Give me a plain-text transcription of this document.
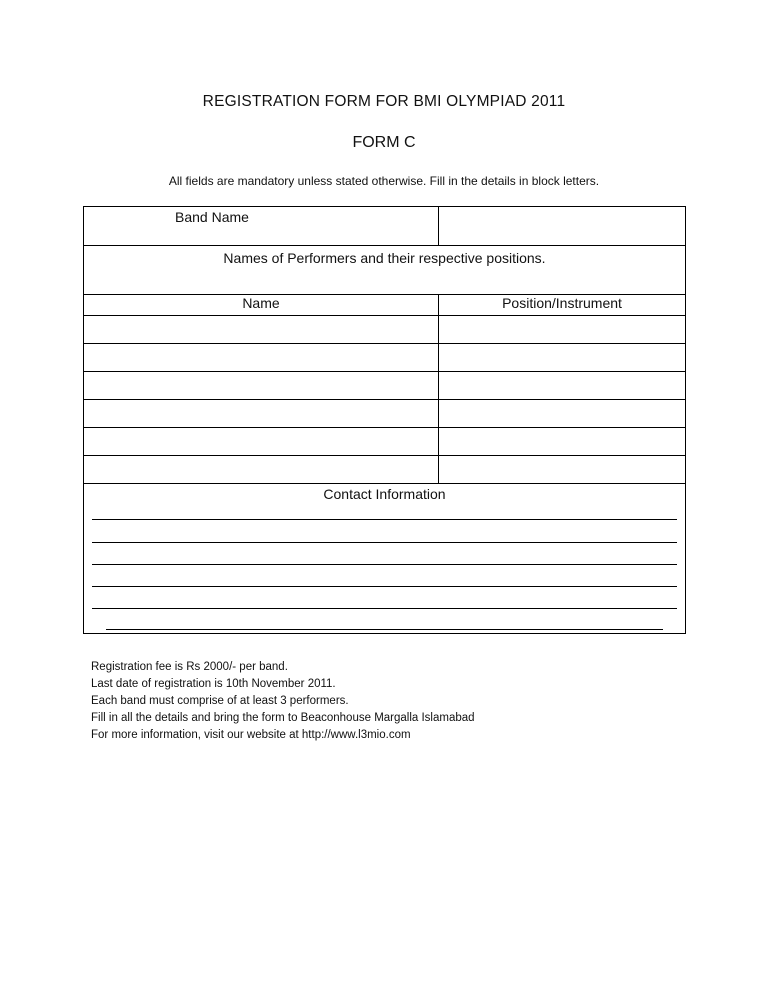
REGISTRATION FORM FOR BMI OLYMPIAD 2011
FORM C
All fields are mandatory unless stated otherwise. Fill in the details in block letters.
Band Name	
Names of Performers and their respective positions.	
Name	Position/Instrument

Contact Information	
Registration fee is Rs 2000/- per band.
Last date of registration is 10th November 2011.
Each band must comprise of at least 3 performers.
Fill in all the details and bring the form to Beaconhouse Margalla Islamabad
For more information, visit our website at http://www.l3mio.com
